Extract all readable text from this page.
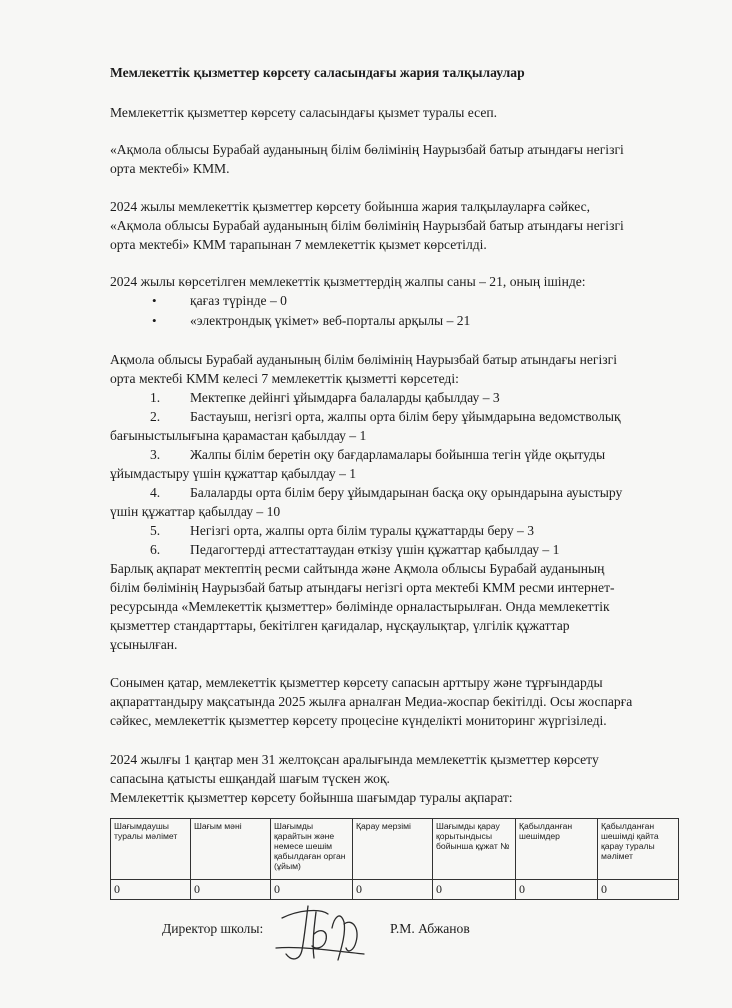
Мемлекеттік қызметтер көрсету саласындағы жария талқылаулар
Мемлекеттік қызметтер көрсету саласындағы қызмет туралы есеп.
«Ақмола облысы Бурабай ауданының білім бөлімінің Наурызбай батыр атындағы негізгі
орта мектебі» КММ.
2024 жылы мемлекеттік қызметтер көрсету бойынша жария талқылауларға сәйкес,
«Ақмола облысы Бурабай ауданының білім бөлімінің Наурызбай батыр атындағы негізгі
орта мектебі» КММ тарапынан 7 мемлекеттік қызмет көрсетілді.
2024 жылы көрсетілген мемлекеттік қызметтердің жалпы саны – 21, оның ішінде:
• қағаз түрінде – 0
• «электрондық үкімет» веб-порталы арқылы – 21
Ақмола облысы Бурабай ауданының білім бөлімінің Наурызбай батыр атындағы негізгі
орта мектебі КММ келесі 7 мемлекеттік қызметті көрсетеді:
1. Мектепке дейінгі ұйымдарға балаларды қабылдау – 3
2. Бастауыш, негізгі орта, жалпы орта білім беру ұйымдарына ведомстволық
бағыныстылығына қарамастан қабылдау – 1
3. Жалпы білім беретін оқу бағдарламалары бойынша тегін үйде оқытуды
ұйымдастыру үшін құжаттар қабылдау – 1
4. Балаларды орта білім беру ұйымдарынан басқа оқу орындарына ауыстыру
үшін құжаттар қабылдау – 10
5. Негізгі орта, жалпы орта білім туралы құжаттарды беру – 3
6. Педагогтерді аттестаттаудан өткізу үшін құжаттар қабылдау – 1
Барлық ақпарат мектептің ресми сайтында және Ақмола облысы Бурабай ауданының
білім бөлімінің Наурызбай батыр атындағы негізгі орта мектебі КММ ресми интернет-
ресурсында «Мемлекеттік қызметтер» бөлімінде орналастырылған. Онда мемлекеттік
қызметтер стандарттары, бекітілген қағидалар, нұсқаулықтар, үлгілік құжаттар
ұсынылған.
Сонымен қатар, мемлекеттік қызметтер көрсету сапасын арттыру және тұрғындарды
ақпараттандыру мақсатында 2025 жылға арналған Медиа-жоспар бекітілді. Осы жоспарға
сәйкес, мемлекеттік қызметтер көрсету процесіне күнделікті мониторинг жүргізіледі.
2024 жылғы 1 қаңтар мен 31 желтоқсан аралығында мемлекеттік қызметтер көрсету
сапасына қатысты ешқандай шағым түскен жоқ.
Мемлекеттік қызметтер көрсету бойынша шағымдар туралы ақпарат:
Шағымдаушы туралы мәлімет	Шағым мәні	Шағымды қарайтын және немесе шешім қабылдаған орган (ұйым)	Қарау мерзімі	Шағымды қарау қорытындысы бойынша құжат №	Қабылданған шешімдер	Қабылданған шешімді қайта қарау туралы мәлімет
0	0	0	0	0	0	0
Директор школы:	Р.М. Абжанов
